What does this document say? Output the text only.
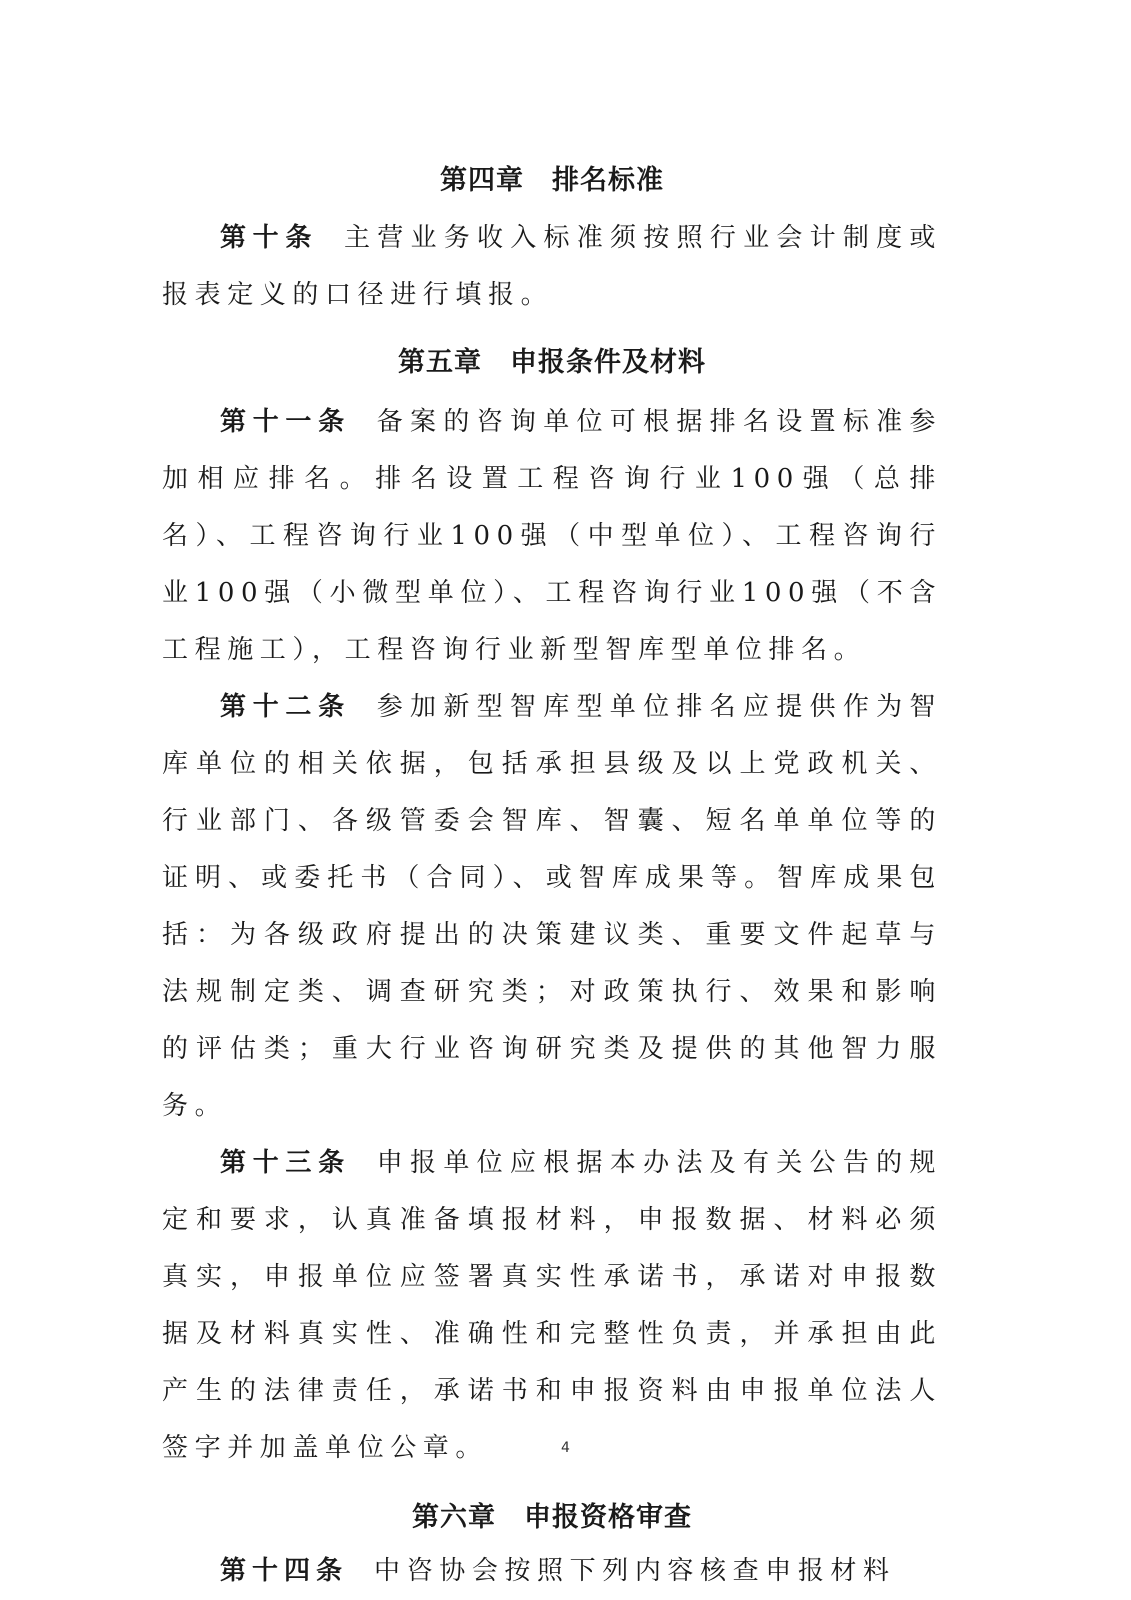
第四章　排名标准

第十条 主营业务收入标准须按照行业会计制度或报表定义的口径进行填报。

第五章　申报条件及材料

第十一条 备案的咨询单位可根据排名设置标准参加相应排名。排名设置工程咨询行业100强（总排名）、工程咨询行业100强（中型单位）、工程咨询行业100强（小微型单位）、工程咨询行业100强（不含工程施工），工程咨询行业新型智库型单位排名。

第十二条 参加新型智库型单位排名应提供作为智库单位的相关依据，包括承担县级及以上党政机关、行业部门、各级管委会智库、智囊、短名单单位等的证明、或委托书（合同）、或智库成果等。智库成果包括：为各级政府提出的决策建议类、重要文件起草与法规制定类、调查研究类；对政策执行、效果和影响的评估类；重大行业咨询研究类及提供的其他智力服务。

第十三条 申报单位应根据本办法及有关公告的规定和要求，认真准备填报材料，申报数据、材料必须真实，申报单位应签署真实性承诺书，承诺对申报数据及材料真实性、准确性和完整性负责，并承担由此产生的法律责任，承诺书和申报资料由申报单位法人签字并加盖单位公章。

第六章　申报资格审查

第十四条 中咨协会按照下列内容核查申报材料

4
